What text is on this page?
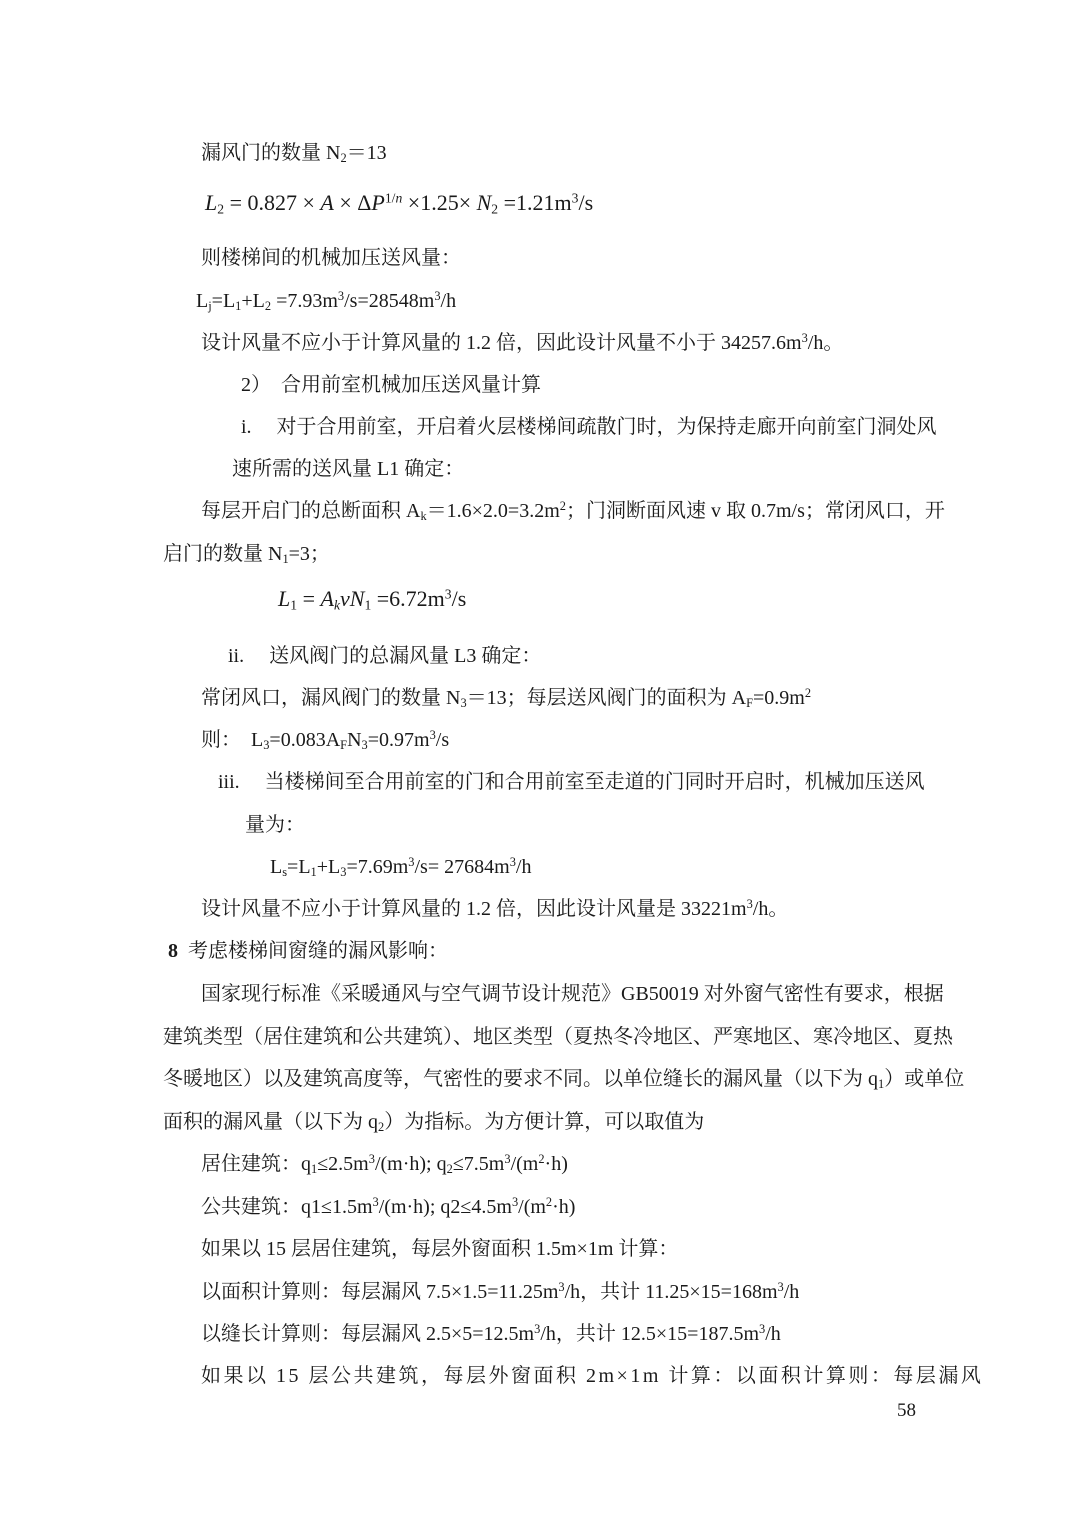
漏风门的数量 $N_2=13$
$L_2 = 0.827 \times A \times \Delta P^{1/n} \times 1.25\times N_2 =1.21m^3/s$
则楼梯间的机械加压送风量：
$L_j=L_1+L_2 =7.93m^3/s=28548m^3/h$
设计风量不应小于计算风量的 1.2 倍，因此设计风量不小于 $34257.6m^3/h$。
2）　合用前室机械加压送风量计算
i.　 对于合用前室，开启着火层楼梯间疏散门时，为保持走廊开向前室门洞处风
速所需的送风量 L1 确定：
每层开启门的总断面积 $A_k=1.6\times 2.0=3.2m^2$；门洞断面风速 v 取 0.7m/s；常闭风口，开
启门的数量 $N_1=3$；
$L_1 = A_kvN_1 =6.72m^3/s$
ii.　 送风阀门的总漏风量 L3 确定：
常闭风口，漏风阀门的数量 $N_3=13$；每层送风阀门的面积为 $A_F=0.9m^2$
则：  $L_3=0.083A_FN_3=0.97m^3/s$
iii.　 当楼梯间至合用前室的门和合用前室至走道的门同时开启时，机械加压送风
量为：
$L_s=L_1+L_3=7.69m^3/s= 27684m^3/h$
设计风量不应小于计算风量的 1.2 倍，因此设计风量是 $33221m^3/h$。
8  考虑楼梯间窗缝的漏风影响：
国家现行标准《采暖通风与空气调节设计规范》GB50019 对外窗气密性有要求，根据
建筑类型（居住建筑和公共建筑）、地区类型（夏热冬冷地区、严寒地区、寒冷地区、夏热
冬暖地区）以及建筑高度等，气密性的要求不同。以单位缝长的漏风量（以下为 $q_1$）或单位
面积的漏风量（以下为 $q_2$）为指标。为方便计算，可以取值为
居住建筑：$q_1\le 2.5m^3/(m\cdot h)$; $q_2\le 7.5m^3/(m^2\cdot h)$
公共建筑：$q1\le 1.5m^3/(m\cdot h)$; $q2\le 4.5m^3/(m^2\cdot h)$
如果以 15 层居住建筑，每层外窗面积 1.5m×1m 计算：
以面积计算则：每层漏风 $7.5\times 1.5=11.25m^3/h$，共计 $11.25\times 15=168m^3/h$
以缝长计算则：每层漏风 $2.5\times 5=12.5m^3/h$，共计 $12.5\times 15=187.5m^3/h$
如果以 15 层公共建筑，每层外窗面积 2m×1m 计算：以面积计算则：每层漏风
58
